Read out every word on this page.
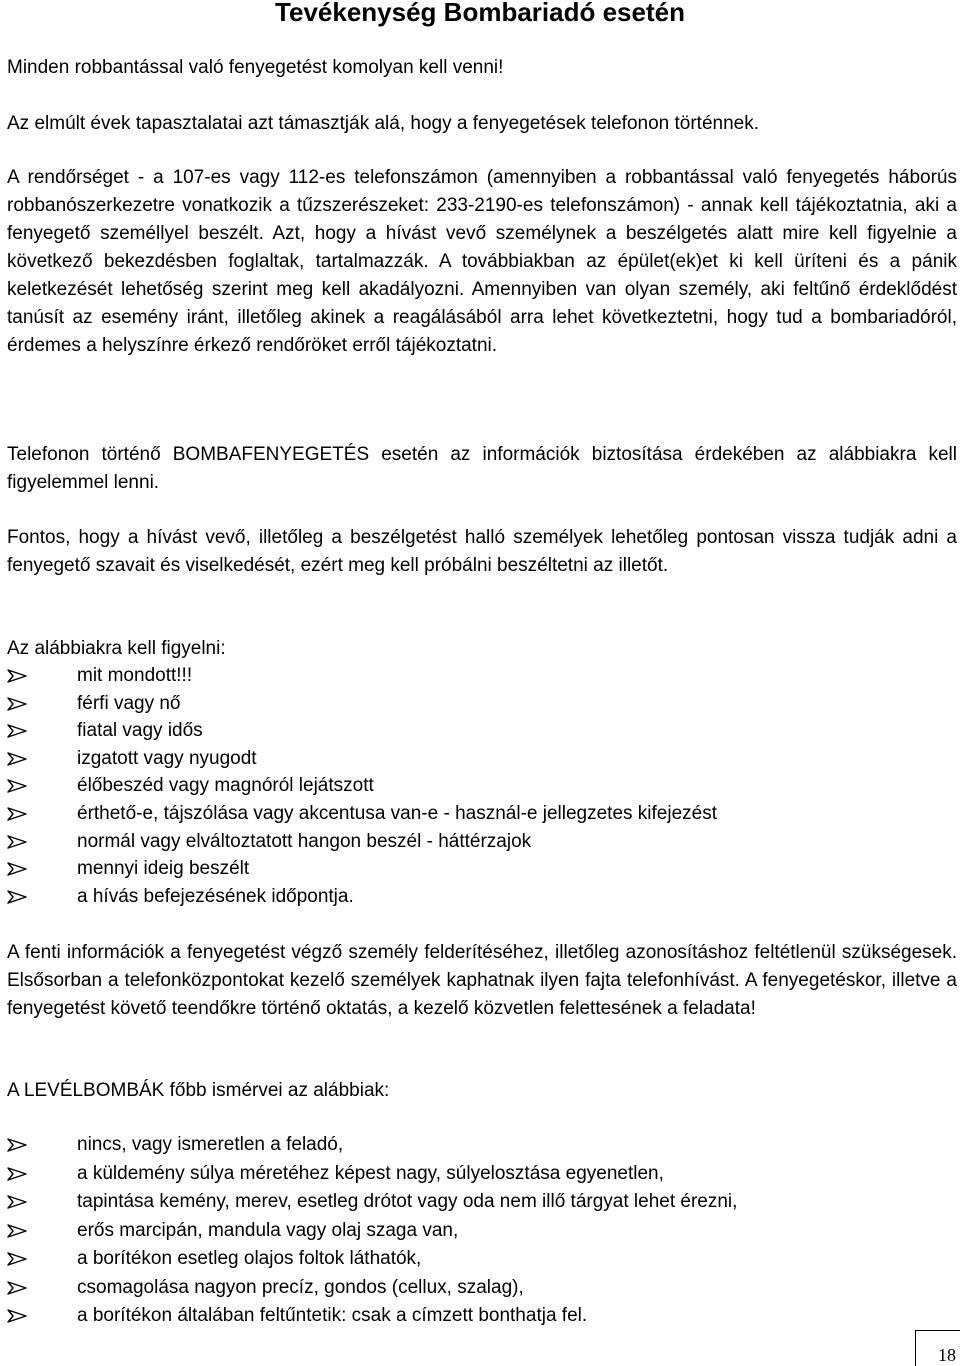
Tevékenység Bombariadó esetén

Minden robbantással való fenyegetést komolyan kell venni!

Az elmúlt évek tapasztalatai azt támasztják alá, hogy a fenyegetések telefonon történnek.

A rendőrséget - a 107-es vagy 112-es telefonszámon (amennyiben a robbantással való fenyegetés háborús robbanószerkezetre vonatkozik a tűzszerészeket: 233-2190-es telefonszámon) - annak kell tájékoztatnia, aki a fenyegető személlyel beszélt. Azt, hogy a hívást vevő személynek a beszélgetés alatt mire kell figyelnie a következő bekezdésben foglaltak, tartalmazzák. A továbbiakban az épület(ek)et ki kell üríteni és a pánik keletkezését lehetőség szerint meg kell akadályozni. Amennyiben van olyan személy, aki feltűnő érdeklődést tanúsít az esemény iránt, illetőleg akinek a reagálásából arra lehet következtetni, hogy tud a bombariadóról, érdemes a helyszínre érkező rendőröket erről tájékoztatni.

Telefonon történő BOMBAFENYEGETÉS esetén az információk biztosítása érdekében az alábbiakra kell figyelemmel lenni.

Fontos, hogy a hívást vevő, illetőleg a beszélgetést halló személyek lehetőleg pontosan vissza tudják adni a fenyegető szavait és viselkedését, ezért meg kell próbálni beszéltetni az illetőt.

Az alábbiakra kell figyelni:

mit mondott!!!
férfi vagy nő
fiatal vagy idős
izgatott vagy nyugodt
élőbeszéd vagy magnóról lejátszott
érthető-e, tájszólása vagy akcentusa van-e - használ-e jellegzetes kifejezést
normál vagy elváltoztatott hangon beszél - háttérzajok
mennyi ideig beszélt
a hívás befejezésének időpontja.

A fenti információk a fenyegetést végző személy felderítéséhez, illetőleg azonosításhoz feltétlenül szükségesek. Elsősorban a telefonközpontokat kezelő személyek kaphatnak ilyen fajta telefonhívást. A fenyegetéskor, illetve a fenyegetést követő teendőkre történő oktatás, a kezelő közvetlen felettesének a feladata!

A LEVÉLBOMBÁK főbb ismérvei az alábbiak:

nincs, vagy ismeretlen a feladó,
a küldemény súlya méretéhez képest nagy, súlyelosztása egyenetlen,
tapintása kemény, merev, esetleg drótot vagy oda nem illő tárgyat lehet érezni,
erős marcipán, mandula vagy olaj szaga van,
a borítékon esetleg olajos foltok láthatók,
csomagolása nagyon precíz, gondos (cellux, szalag),
a borítékon általában feltűntetik: csak a címzett bonthatja fel.
18
